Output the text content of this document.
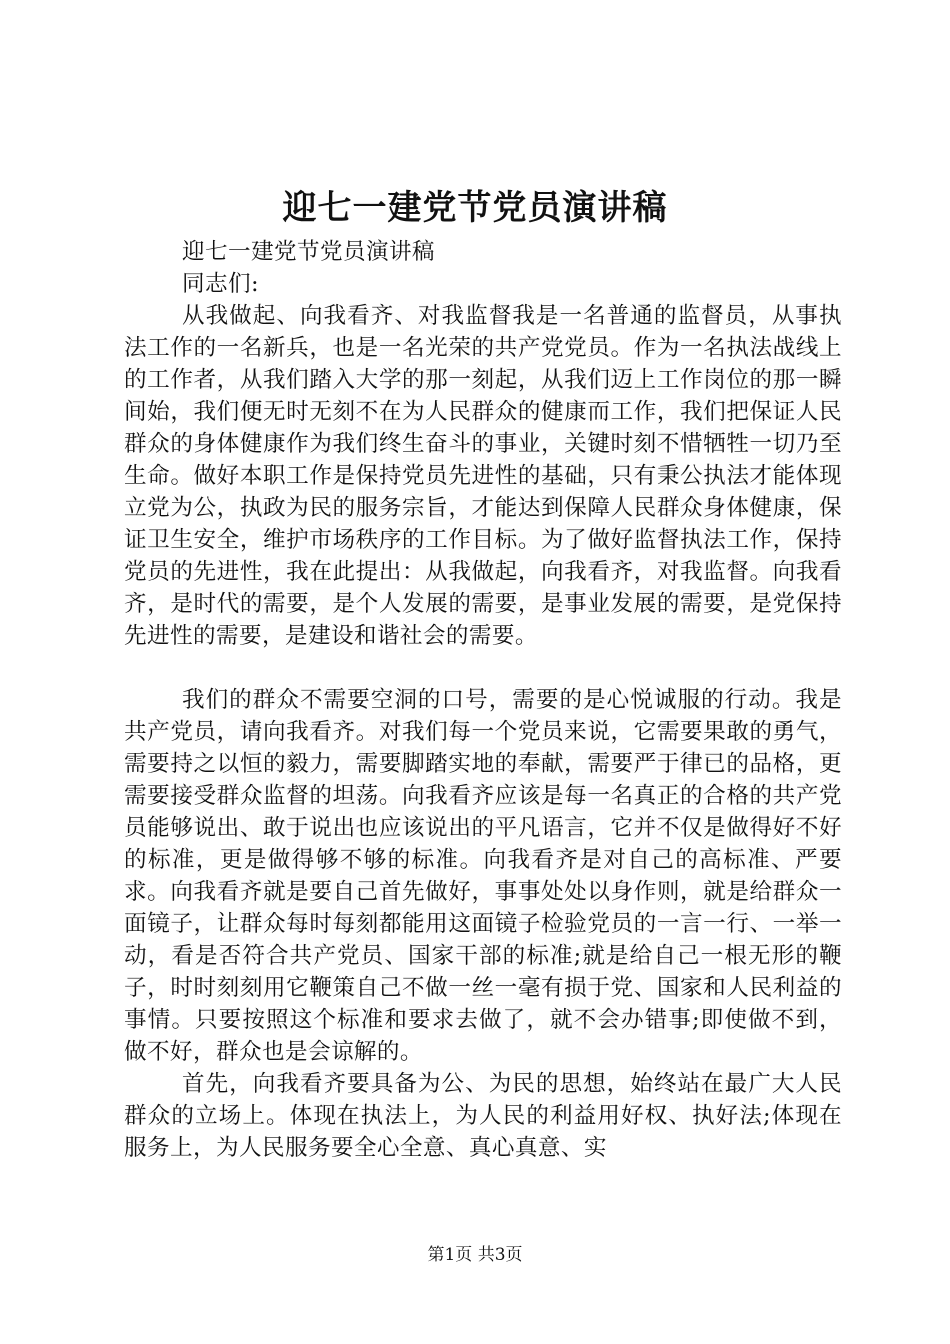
迎七一建党节党员演讲稿

迎七一建党节党员演讲稿

同志们:

从我做起、向我看齐、对我监督我是一名普通的监督员，从事执法工作的一名新兵，也是一名光荣的共产党党员。作为一名执法战线上的工作者，从我们踏入大学的那一刻起，从我们迈上工作岗位的那一瞬间始，我们便无时无刻不在为人民群众的健康而工作，我们把保证人民群众的身体健康作为我们终生奋斗的事业，关键时刻不惜牺牲一切乃至生命。做好本职工作是保持党员先进性的基础，只有秉公执法才能体现立党为公，执政为民的服务宗旨，才能达到保障人民群众身体健康，保证卫生安全，维护市场秩序的工作目标。为了做好监督执法工作，保持党员的先进性，我在此提出：从我做起，向我看齐，对我监督。向我看齐，是时代的需要，是个人发展的需要，是事业发展的需要，是党保持先进性的需要，是建设和谐社会的需要。

我们的群众不需要空洞的口号，需要的是心悦诚服的行动。我是共产党员，请向我看齐。对我们每一个党员来说，它需要果敢的勇气，需要持之以恒的毅力，需要脚踏实地的奉献，需要严于律已的品格，更需要接受群众监督的坦荡。向我看齐应该是每一名真正的合格的共产党员能够说出、敢于说出也应该说出的平凡语言，它并不仅是做得好不好的标准，更是做得够不够的标准。向我看齐是对自己的高标准、严要求。向我看齐就是要自己首先做好，事事处处以身作则，就是给群众一面镜子，让群众每时每刻都能用这面镜子检验党员的一言一行、一举一动，看是否符合共产党员、国家干部的标准;就是给自己一根无形的鞭子，时时刻刻用它鞭策自己不做一丝一毫有损于党、国家和人民利益的事情。只要按照这个标准和要求去做了，就不会办错事;即使做不到，做不好，群众也是会谅解的。

首先，向我看齐要具备为公、为民的思想，始终站在最广大人民群众的立场上。体现在执法上，为人民的利益用好权、执好法;体现在服务上，为人民服务要全心全意、真心真意、实

第1页 共3页
